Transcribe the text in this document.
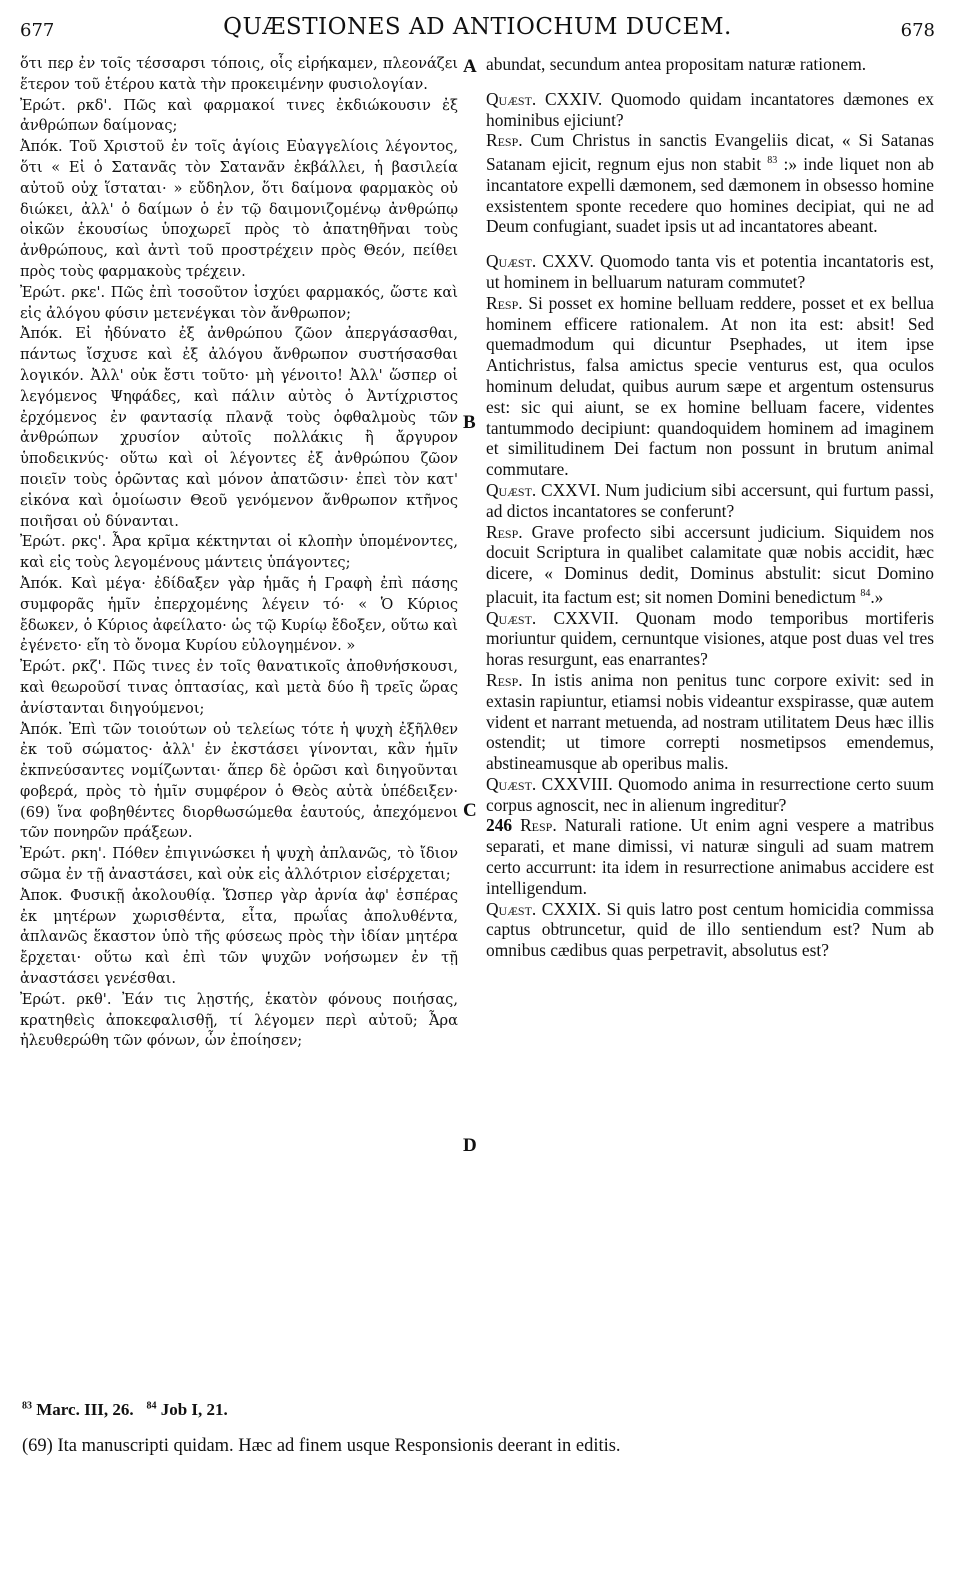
677	QUÆSTIONES AD ANTIOCHUM DUCEM.	678

ὅτι περ ἐν τοῖς τέσσαρσι τόποις, οἷς εἰρήκαμεν, πλεονάζει ἕτερον τοῦ ἑτέρου κατὰ τὴν προκειμένην φυσιολογίαν.

Ἐρώτ. ρκδ'. Πῶς καὶ φαρμακοί τινες ἐκδιώκουσιν ἐξ ἀνθρώπων δαίμονας;

Ἀπόκ. Τοῦ Χριστοῦ ἐν τοῖς ἁγίοις Εὐαγγελίοις λέγοντος, ὅτι « Εἰ ὁ Σατανᾶς τὸν Σατανᾶν ἐκβάλλει, ἡ βασιλεία αὐτοῦ οὐχ ἵσταται· » εὔδηλον, ὅτι δαίμονα φαρμακὸς οὐ διώκει, ἀλλ' ὁ δαίμων ὁ ἐν τῷ δαιμονιζομένῳ ἀνθρώπῳ οἰκῶν ἑκουσίως ὑποχωρεῖ πρὸς τὸ ἀπατηθῆναι τοὺς ἀνθρώπους, καὶ ἀντὶ τοῦ προστρέχειν πρὸς Θεόν, πείθει πρὸς τοὺς φαρμακοὺς τρέχειν.

Ἐρώτ. ρκε'. Πῶς ἐπὶ τοσοῦτον ἰσχύει φαρμακός, ὥστε καὶ εἰς ἀλόγου φύσιν μετενέγκαι τὸν ἄνθρωπον;

Ἀπόκ. Εἰ ἠδύνατο ἐξ ἀνθρώπου ζῶον ἀπεργάσασθαι, πάντως ἴσχυσε καὶ ἐξ ἀλόγου ἄνθρωπον συστήσασθαι λογικόν. Ἀλλ' οὐκ ἔστι τοῦτο· μὴ γένοιτο! Ἀλλ' ὥσπερ οἱ λεγόμενος Ψηφάδες, καὶ πάλιν αὐτὸς ὁ Ἀντίχριστος ἐρχόμενος ἐν φαντασίᾳ πλανᾷ τοὺς ὀφθαλμοὺς τῶν ἀνθρώπων χρυσίον αὐτοῖς πολλάκις ἢ ἄργυρον ὑποδεικνύς· οὕτω καὶ οἱ λέγοντες ἐξ ἀνθρώπου ζῶον ποιεῖν τοὺς ὁρῶντας καὶ μόνον ἀπατῶσιν· ἐπεὶ τὸν κατ' εἰκόνα καὶ ὁμοίωσιν Θεοῦ γενόμενον ἄνθρωπον κτῆνος ποιῆσαι οὐ δύνανται.

Ἐρώτ. ρκς'. Ἆρα κρῖμα κέκτηνται οἱ κλοπὴν ὑπομένοντες, καὶ εἰς τοὺς λεγομένους μάντεις ὑπάγοντες;

Ἀπόκ. Καὶ μέγα· ἐδίδαξεν γὰρ ἡμᾶς ἡ Γραφὴ ἐπὶ πάσης συμφορᾶς ἡμῖν ἐπερχομένης λέγειν τό· « Ὁ Κύριος ἔδωκεν, ὁ Κύριος ἀφείλατο· ὡς τῷ Κυρίῳ ἔδοξεν, οὕτω καὶ ἐγένετο· εἴη τὸ ὄνομα Κυρίου εὐλογημένον. »

Ἐρώτ. ρκζ'. Πῶς τινες ἐν τοῖς θανατικοῖς ἀποθνήσκουσι, καὶ θεωροῦσί τινας ὀπτασίας, καὶ μετὰ δύο ἢ τρεῖς ὥρας ἀνίστανται διηγούμενοι;

Ἀπόκ. Ἐπὶ τῶν τοιούτων οὐ τελείως τότε ἡ ψυχὴ ἐξῆλθεν ἐκ τοῦ σώματος· ἀλλ' ἐν ἐκστάσει γίνονται, κἂν ἡμῖν ἐκπνεύσαντες νομίζωνται· ἅπερ δὲ ὁρῶσι καὶ διηγοῦνται φοβερά, πρὸς τὸ ἡμῖν συμφέρον ὁ Θεὸς αὐτὰ ὑπέδειξεν· (69) ἵνα φοβηθέντες διορθωσώμεθα ἑαυτούς, ἀπεχόμενοι τῶν πονηρῶν πράξεων.

Ἐρώτ. ρκη'. Πόθεν ἐπιγινώσκει ἡ ψυχὴ ἀπλανῶς, τὸ ἴδιον σῶμα ἐν τῇ ἀναστάσει, καὶ οὐκ εἰς ἀλλότριον εἰσέρχεται;

Ἀποκ. Φυσικῇ ἀκολουθίᾳ. Ὥσπερ γὰρ ἀρνία ἀφ' ἑσπέρας ἐκ μητέρων χωρισθέντα, εἶτα, πρωΐας ἀπολυθέντα, ἀπλανῶς ἕκαστον ὑπὸ τῆς φύσεως πρὸς τὴν ἰδίαν μητέρα ἔρχεται· οὕτω καὶ ἐπὶ τῶν ψυχῶν νοήσωμεν ἐν τῇ ἀναστάσει γενέσθαι.

Ἐρώτ. ρκθ'. Ἐάν τις λῃστής, ἑκατὸν φόνους ποιήσας, κρατηθεὶς ἀποκεφαλισθῇ, τί λέγομεν περὶ αὐτοῦ; Ἆρα ἠλευθερώθη τῶν φόνων, ὧν ἐποίησεν;

A
B
C
D

abundat, secundum antea propositam naturæ rationem.

Quæst. CXXIV. Quomodo quidam incantatores dæmones ex hominibus ejiciunt?

Resp. Cum Christus in sanctis Evangeliis dicat, « Si Satanas Satanam ejicit, regnum ejus non stabit $^{83}$ :» inde liquet non ab incantatore expelli dæmonem, sed dæmonem in obsesso homine exsistentem sponte recedere quo homines decipiat, qui ne ad Deum confugiant, suadet ipsis ut ad incantatores abeant.

Quæst. CXXV. Quomodo tanta vis et potentia incantatoris est, ut hominem in belluarum naturam commutet?

Resp. Si posset ex homine belluam reddere, posset et ex bellua hominem efficere rationalem. At non ita est: absit! Sed quemadmodum qui dicuntur Psephades, ut item ipse Antichristus, falsa amictus specie venturus est, qua oculos hominum deludat, quibus aurum sæpe et argentum ostensurus est: sic qui aiunt, se ex homine belluam facere, videntes tantummodo decipiunt: quandoquidem hominem ad imaginem et similitudinem Dei factum non possunt in brutum animal commutare.

Quæst. CXXVI. Num judicium sibi accersunt, qui furtum passi, ad dictos incantatores se conferunt?

Resp. Grave profecto sibi accersunt judicium. Siquidem nos docuit Scriptura in qualibet calamitate quæ nobis accidit, hæc dicere, « Dominus dedit, Dominus abstulit: sicut Domino placuit, ita factum est; sit nomen Domini benedictum $^{84}$.»

Quæst. CXXVII. Quonam modo temporibus mortiferis moriuntur quidem, cernuntque visiones, atque post duas vel tres horas resurgunt, eas enarrantes?

Resp. In istis anima non penitus tunc corpore exivit: sed in extasin rapiuntur, etiamsi nobis videantur exspirasse, quæ autem vident et narrant metuenda, ad nostram utilitatem Deus hæc illis ostendit; ut timore correpti nosmetipsos emendemus, abstineamusque ab operibus malis.

Quæst. CXXVIII. Quomodo anima in resurrectione certo suum corpus agnoscit, nec in alienum ingreditur?

246 Resp. Naturali ratione. Ut enim agni vespere a matribus separati, et mane dimissi, vi naturæ singuli ad suam matrem certo accurrunt: ita idem in resurrectione animabus accidere est intelligendum.

Quæst. CXXIX. Si quis latro post centum homicidia commissa captus obtruncetur, quid de illo sentiendum est? Num ab omnibus cædibus quas perpetravit, absolutus est?

$^{83}$ Marc. III, 26. $^{84}$ Job I, 21.

(69) Ita manuscripti quidam. Hæc ad finem usque Responsionis deerant in editis.
